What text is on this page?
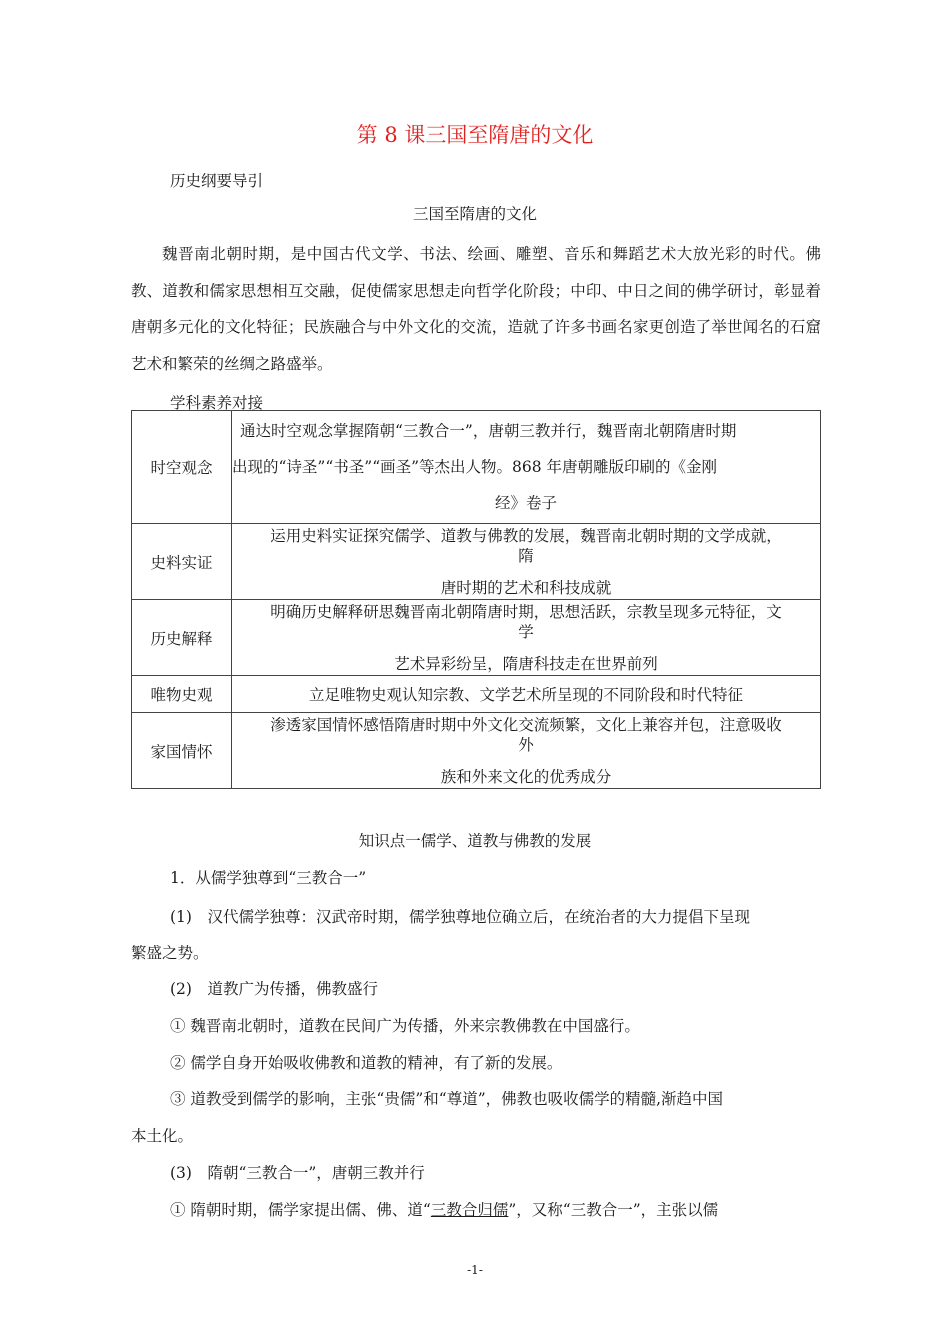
第 8 课三国至隋唐的文化
历史纲要导引
三国至隋唐的文化
魏晋南北朝时期，是中国古代文学、书法、绘画、雕塑、音乐和舞蹈艺术大放光彩的时代。佛教、道教和儒家思想相互交融，促使儒家思想走向哲学化阶段；中印、中日之间的佛学研讨，彰显着唐朝多元化的文化特征；民族融合与中外文化的交流，造就了许多书画名家更创造了举世闻名的石窟艺术和繁荣的丝绸之路盛举。
学科素养对接
时空观念	通达时空观念掌握隋朝“三教合一”，唐朝三教并行，魏晋南北朝隋唐时期
出现的“诗圣”“书圣”“画圣”等杰出人物。868 年唐朝雕版印刷的《金刚
经》卷子

史料实证	运用史料实证探究儒学、道教与佛教的发展，魏晋南北朝时期的文学成就，
隋
唐时期的艺术和科技成就

历史解释	明确历史解释研思魏晋南北朝隋唐时期，思想活跃，宗教呈现多元特征，文
学
艺术异彩纷呈，隋唐科技走在世界前列

唯物史观	立足唯物史观认知宗教、文学艺术所呈现的不同阶段和时代特征

家国情怀	渗透家国情怀感悟隋唐时期中外文化交流频繁，文化上兼容并包，注意吸收
外
族和外来文化的优秀成分
知识点一儒学、道教与佛教的发展
1．从儒学独尊到“三教合一”
(1)　汉代儒学独尊：汉武帝时期，儒学独尊地位确立后，在统治者的大力提倡下呈现
繁盛之势。
(2)　道教广为传播，佛教盛行
① 魏晋南北朝时，道教在民间广为传播，外来宗教佛教在中国盛行。
② 儒学自身开始吸收佛教和道教的精神，有了新的发展。
③ 道教受到儒学的影响，主张“贵儒”和“尊道”，佛教也吸收儒学的精髓,渐趋中国
本土化。
(3)　隋朝“三教合一”，唐朝三教并行
① 隋朝时期，儒学家提出儒、佛、道“三教合归儒”，又称“三教合一”，主张以儒
-1-
